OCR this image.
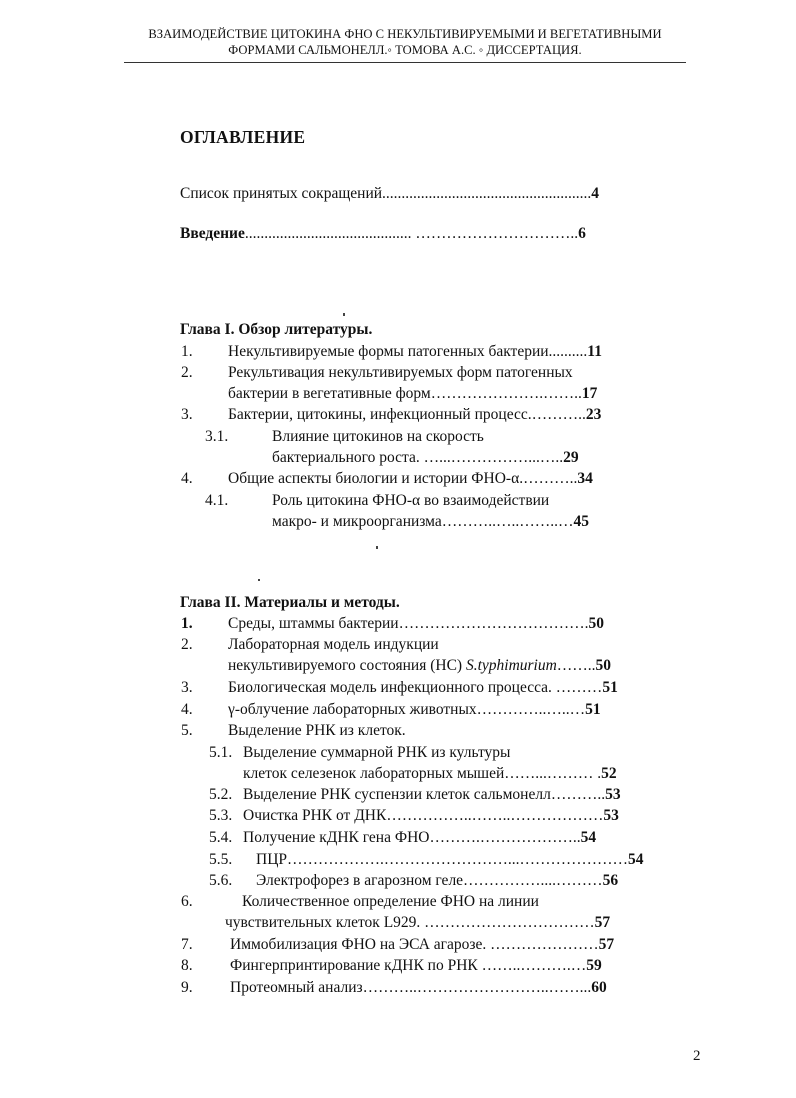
ВЗАИМОДЕЙСТВИЕ ЦИТОКИНА ФНО С НЕКУЛЬТИВИРУЕМЫМИ И ВЕГЕТАТИВНЫМИ
ФОРМАМИ САЛЬМОНЕЛЛ.◦ ТОМОВА А.С. ◦ ДИССЕРТАЦИЯ.
ОГЛАВЛЕНИЕ
Список принятых сокращений......................................................4
Введение........................................... …………………………..6
Глава I. Обзор литературы.
1. Некультивируемые формы патогенных бактерии..........11
2. Рекультивация некультивируемых форм патогенных
бактерии в вегетативные форм………………….……..17
3. Бактерии, цитокины, инфекционный процесс.………..23
3.1.	Влияние цитокинов на скорость
бактериального роста. …...……………...…..29
4. Общие аспекты биологии и истории ФНО-α.………..34
4.1.	Роль цитокина ФНО-α во взаимодействии
макро- и микроорганизма………..…..……..…45
Глава II. Материалы и методы.
1. Среды, штаммы бактерии……………………………….50
2. Лабораторная модель индукции
некультивируемого состояния (НС) S.typhimurium……..50
3. Биологическая модель инфекционного процесса. ………51
4. γ-облучение лабораторных животных…………..…..…51
5. Выделение РНК из клеток.
5.1. Выделение суммарной РНК из культуры
клеток селезенок лабораторных мышей……...……… .52
5.2. Выделение РНК суспензии клеток сальмонелл………..53
5.3. Очистка РНК от ДНК……………..……..………………53
5.4. Получение кДНК гена ФНО……….………………..54
5.5. ПЦР……………….……………………...…………………54
5.6. Электрофорез в агарозном геле……………....………56
6.	Количественное определение ФНО на линии
чувствительных клеток L929. ……………………………57
7. Иммобилизация ФНО на ЭСА агарозе. …………………57
8. Фингерпринтирование кДНК по РНК ……..……….…59
9. Протеомный анализ………..……………………..……...60
2
